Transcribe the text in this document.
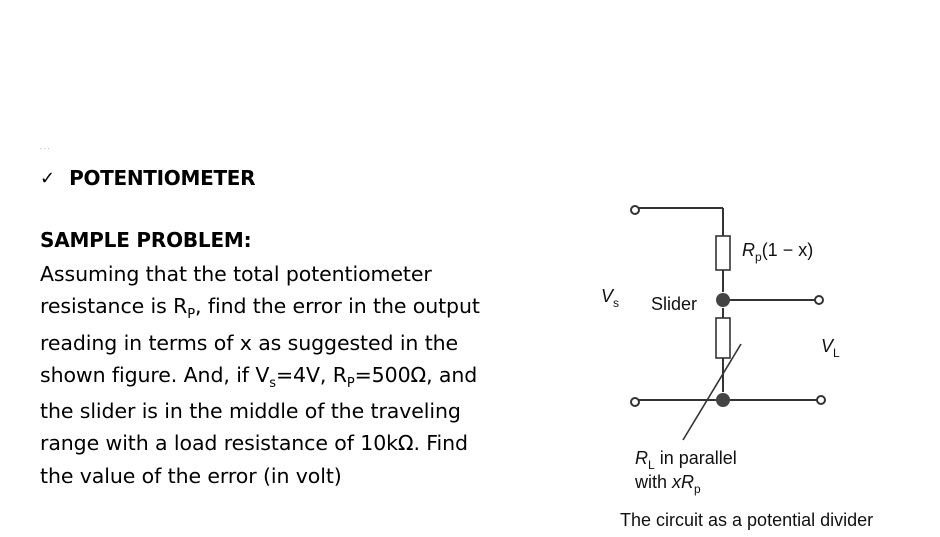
· · ·
✓ POTENTIOMETER
SAMPLE PROBLEM:
Assuming that the total potentiometer
resistance is $R_P$, find the error in the output
reading in terms of x as suggested in the
shown figure. And, if $V_s=4V$, $R_P=500\Omega$, and
the slider is in the middle of the traveling
range with a load resistance of 10kΩ. Find
the value of the error (in volt)
$R_p(1 - x)$
$V_s$ Slider
$V_L$
$R_L$ in parallel
with $xR_p$
The circuit as a potential divider
